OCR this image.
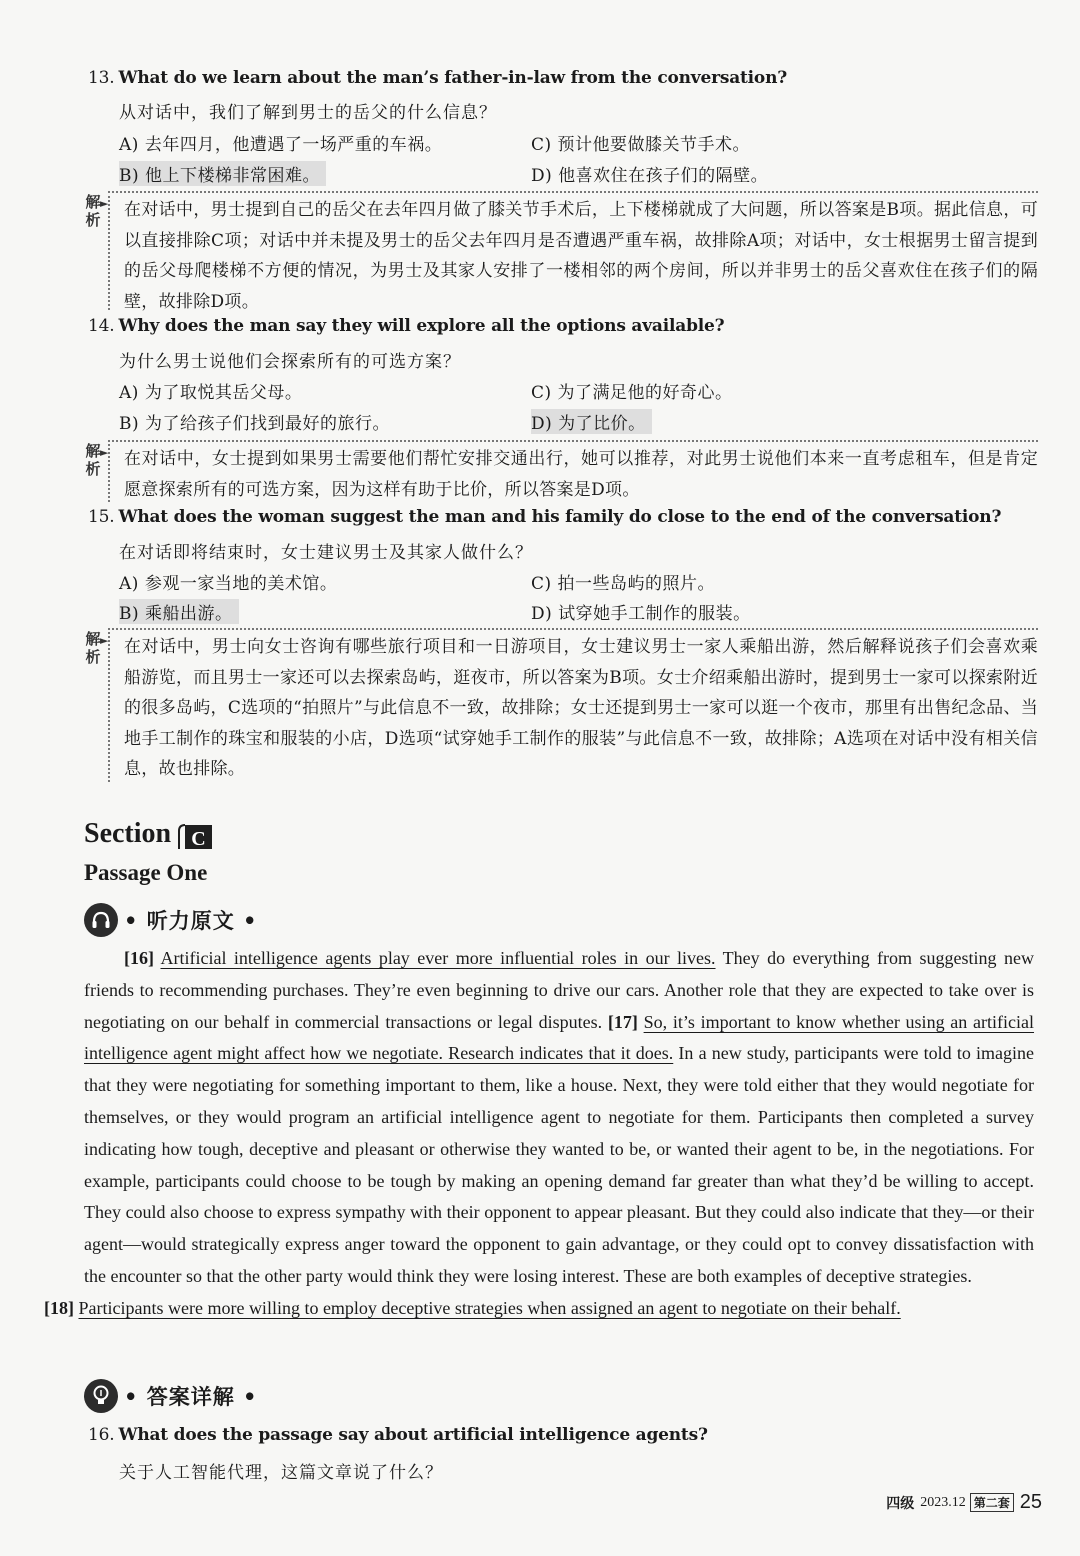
13. What do we learn about the man’s father-in-law from the conversation?
从对话中，我们了解到男士的岳父的什么信息？
A) 去年四月，他遭遇了一场严重的车祸。	C) 预计他要做膝关节手术。
B) 他上下楼梯非常困难。	D) 他喜欢住在孩子们的隔壁。
解析
► 在对话中，男士提到自己的岳父在去年四月做了膝关节手术后，上下楼梯就成了大问题，所以答案是B项。据此信息，可以直接排除C项；对话中并未提及男士的岳父去年四月是否遭遇严重车祸，故排除A项；对话中，女士根据男士留言提到的岳父母爬楼梯不方便的情况，为男士及其家人安排了一楼相邻的两个房间，所以并非男士的岳父喜欢住在孩子们的隔壁，故排除D项。
14. Why does the man say they will explore all the options available?
为什么男士说他们会探索所有的可选方案？
A) 为了取悦其岳父母。	C) 为了满足他的好奇心。
B) 为了给孩子们找到最好的旅行。	D) 为了比价。
解析
► 在对话中，女士提到如果男士需要他们帮忙安排交通出行，她可以推荐，对此男士说他们本来一直考虑租车，但是肯定愿意探索所有的可选方案，因为这样有助于比价，所以答案是D项。
15. What does the woman suggest the man and his family do close to the end of the conversation?
在对话即将结束时，女士建议男士及其家人做什么？
A) 参观一家当地的美术馆。	C) 拍一些岛屿的照片。
B) 乘船出游。	D) 试穿她手工制作的服装。
解析
► 在对话中，男士向女士咨询有哪些旅行项目和一日游项目，女士建议男士一家人乘船出游，然后解释说孩子们会喜欢乘船游览，而且男士一家还可以去探索岛屿，逛夜市，所以答案为B项。女士介绍乘船出游时，提到男士一家可以探索附近的很多岛屿，C选项的“拍照片”与此信息不一致，故排除；女士还提到男士一家可以逛一个夜市，那里有出售纪念品、当地手工制作的珠宝和服装的小店，D选项“试穿她手工制作的服装”与此信息不一致，故排除；A选项在对话中没有相关信息，故也排除。
Section C
Passage One
• 听力原文 •

[16] Artificial intelligence agents play ever more influential roles in our lives. They do everything from suggesting new friends to recommending purchases. They’re even beginning to drive our cars. Another role that they are expected to take over is negotiating on our behalf in commercial transactions or legal disputes. [17] So, it’s important to know whether using an artificial intelligence agent might affect how we negotiate. Research indicates that it does. In a new study, participants were told to imagine that they were negotiating for something important to them, like a house. Next, they were told either that they would negotiate for themselves, or they would program an artificial intelligence agent to negotiate for them. Participants then completed a survey indicating how tough, deceptive and pleasant or otherwise they wanted to be, or wanted their agent to be, in the negotiations. For example, participants could choose to be tough by making an opening demand far greater than what they’d be willing to accept. They could also choose to express sympathy with their opponent to appear pleasant. But they could also indicate that they—or their agent—would strategically express anger toward the opponent to gain advantage, or they could opt to convey dissatisfaction with the encounter so that the other party would think they were losing interest. These are both examples of deceptive strategies.
[18] Participants were more willing to employ deceptive strategies when assigned an agent to negotiate on their behalf.

• 答案详解 •
16. What does the passage say about artificial intelligence agents?
关于人工智能代理，这篇文章说了什么？
四级 2023.12 第二套 25
